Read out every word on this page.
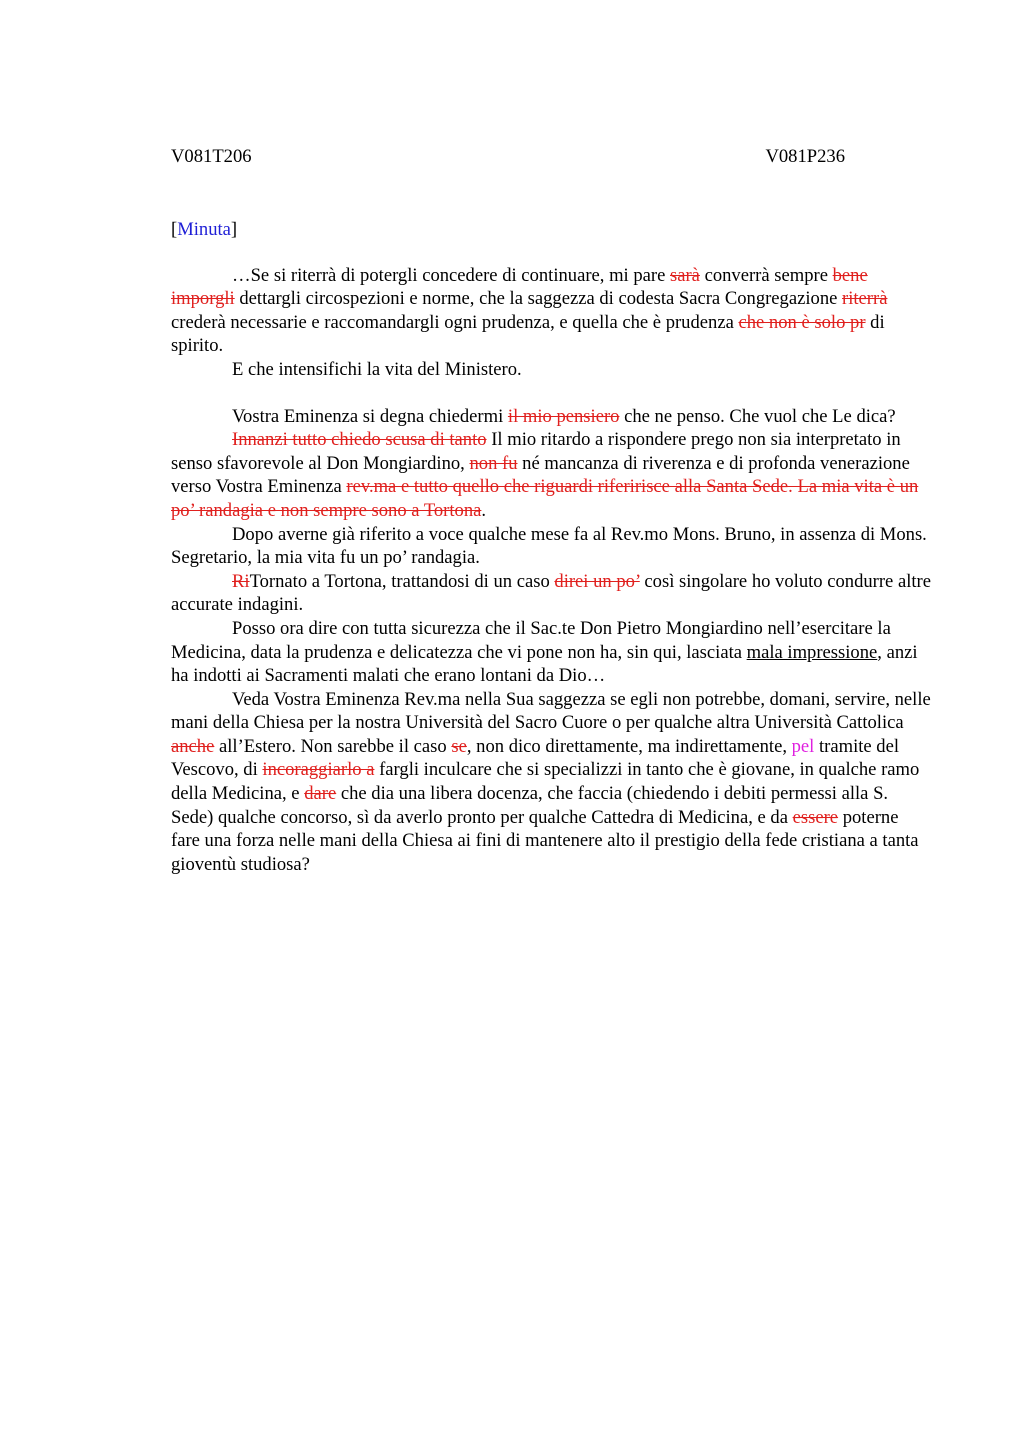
V081T206	V081P236
[Minuta]

…Se si riterrà di potergli concedere di continuare, mi pare sarà converrà sempre bene imporgli dettargli circospezioni e norme, che la saggezza di codesta Sacra Congregazione riterrà crederà necessarie e raccomandargli ogni prudenza, e quella che è prudenza che non è solo pr di spirito.

E che intensifichi la vita del Ministero.

Vostra Eminenza si degna chiedermi il mio pensiero che ne penso. Che vuol che Le dica?

Innanzi tutto chiedo scusa di tanto Il mio ritardo a rispondere prego non sia interpretato in senso sfavorevole al Don Mongiardino, non fu né mancanza di riverenza e di profonda venerazione verso Vostra Eminenza rev.ma e tutto quello che riguardi riferirisce alla Santa Sede. La mia vita è un po’ randagia e non sempre sono a Tortona.

Dopo averne già riferito a voce qualche mese fa al Rev.mo Mons. Bruno, in assenza di Mons. Segretario, la mia vita fu un po’ randagia.

RiTornato a Tortona, trattandosi di un caso direi un po’ così singolare ho voluto condurre altre accurate indagini.

Posso ora dire con tutta sicurezza che il Sac.te Don Pietro Mongiardino nell’esercitare la Medicina, data la prudenza e delicatezza che vi pone non ha, sin qui, lasciata mala impressione, anzi ha indotti ai Sacramenti malati che erano lontani da Dio…

Veda Vostra Eminenza Rev.ma nella Sua saggezza se egli non potrebbe, domani, servire, nelle mani della Chiesa per la nostra Università del Sacro Cuore o per qualche altra Università Cattolica anche all’Estero. Non sarebbe il caso se, non dico direttamente, ma indirettamente, pel tramite del Vescovo, di incoraggiarlo a fargli inculcare che si specializzi in tanto che è giovane, in qualche ramo della Medicina, e dare che dia una libera docenza, che faccia (chiedendo i debiti permessi alla S. Sede) qualche concorso, sì da averlo pronto per qualche Cattedra di Medicina, e da essere poterne fare una forza nelle mani della Chiesa ai fini di mantenere alto il prestigio della fede cristiana a tanta gioventù studiosa?
